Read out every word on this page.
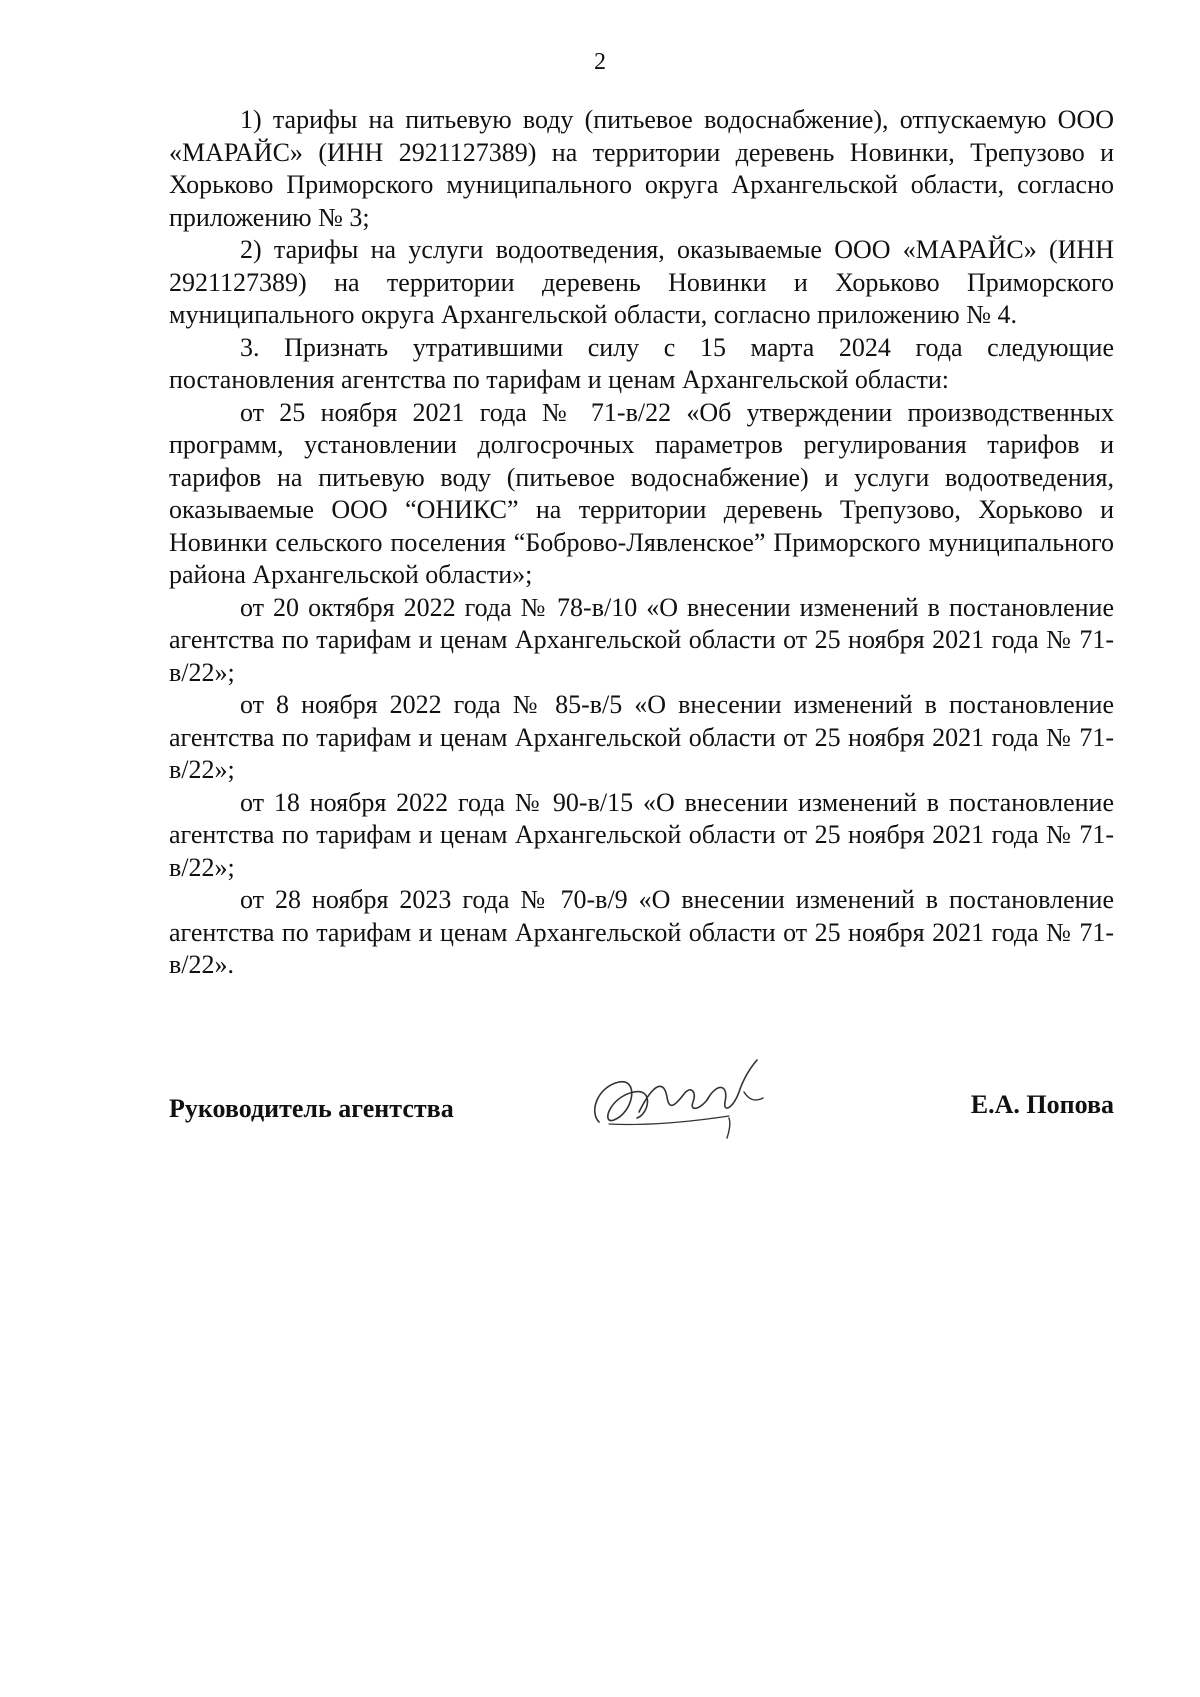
2

1) тарифы на питьевую воду (питьевое водоснабжение), отпускаемую ООО «МАРАЙС» (ИНН 2921127389) на территории деревень Новинки, Трепузово и Хорьково Приморского муниципального округа Архангельской области, согласно приложению № 3;

2) тарифы на услуги водоотведения, оказываемые ООО «МАРАЙС» (ИНН 2921127389) на территории деревень Новинки и Хорьково Приморского муниципального округа Архангельской области, согласно приложению № 4.

3. Признать утратившими силу с 15 марта 2024 года следующие постановления агентства по тарифам и ценам Архангельской области:

от 25 ноября 2021 года № 71-в/22 «Об утверждении производственных программ, установлении долгосрочных параметров регулирования тарифов и тарифов на питьевую воду (питьевое водоснабжение) и услуги водоотведения, оказываемые ООО “ОНИКС” на территории деревень Трепузово, Хорьково и Новинки сельского поселения “Боброво-Лявленское” Приморского муниципального района Архангельской области»;

от 20 октября 2022 года № 78-в/10 «О внесении изменений в постановление агентства по тарифам и ценам Архангельской области от 25 ноября 2021 года № 71-в/22»;

от 8 ноября 2022 года № 85-в/5 «О внесении изменений в постановление агентства по тарифам и ценам Архангельской области от 25 ноября 2021 года № 71-в/22»;

от 18 ноября 2022 года № 90-в/15 «О внесении изменений в постановление агентства по тарифам и ценам Архангельской области от 25 ноября 2021 года № 71-в/22»;

от 28 ноября 2023 года № 70-в/9 «О внесении изменений в постановление агентства по тарифам и ценам Архангельской области от 25 ноября 2021 года № 71-в/22».

Руководитель агентства	Е.А. Попова
